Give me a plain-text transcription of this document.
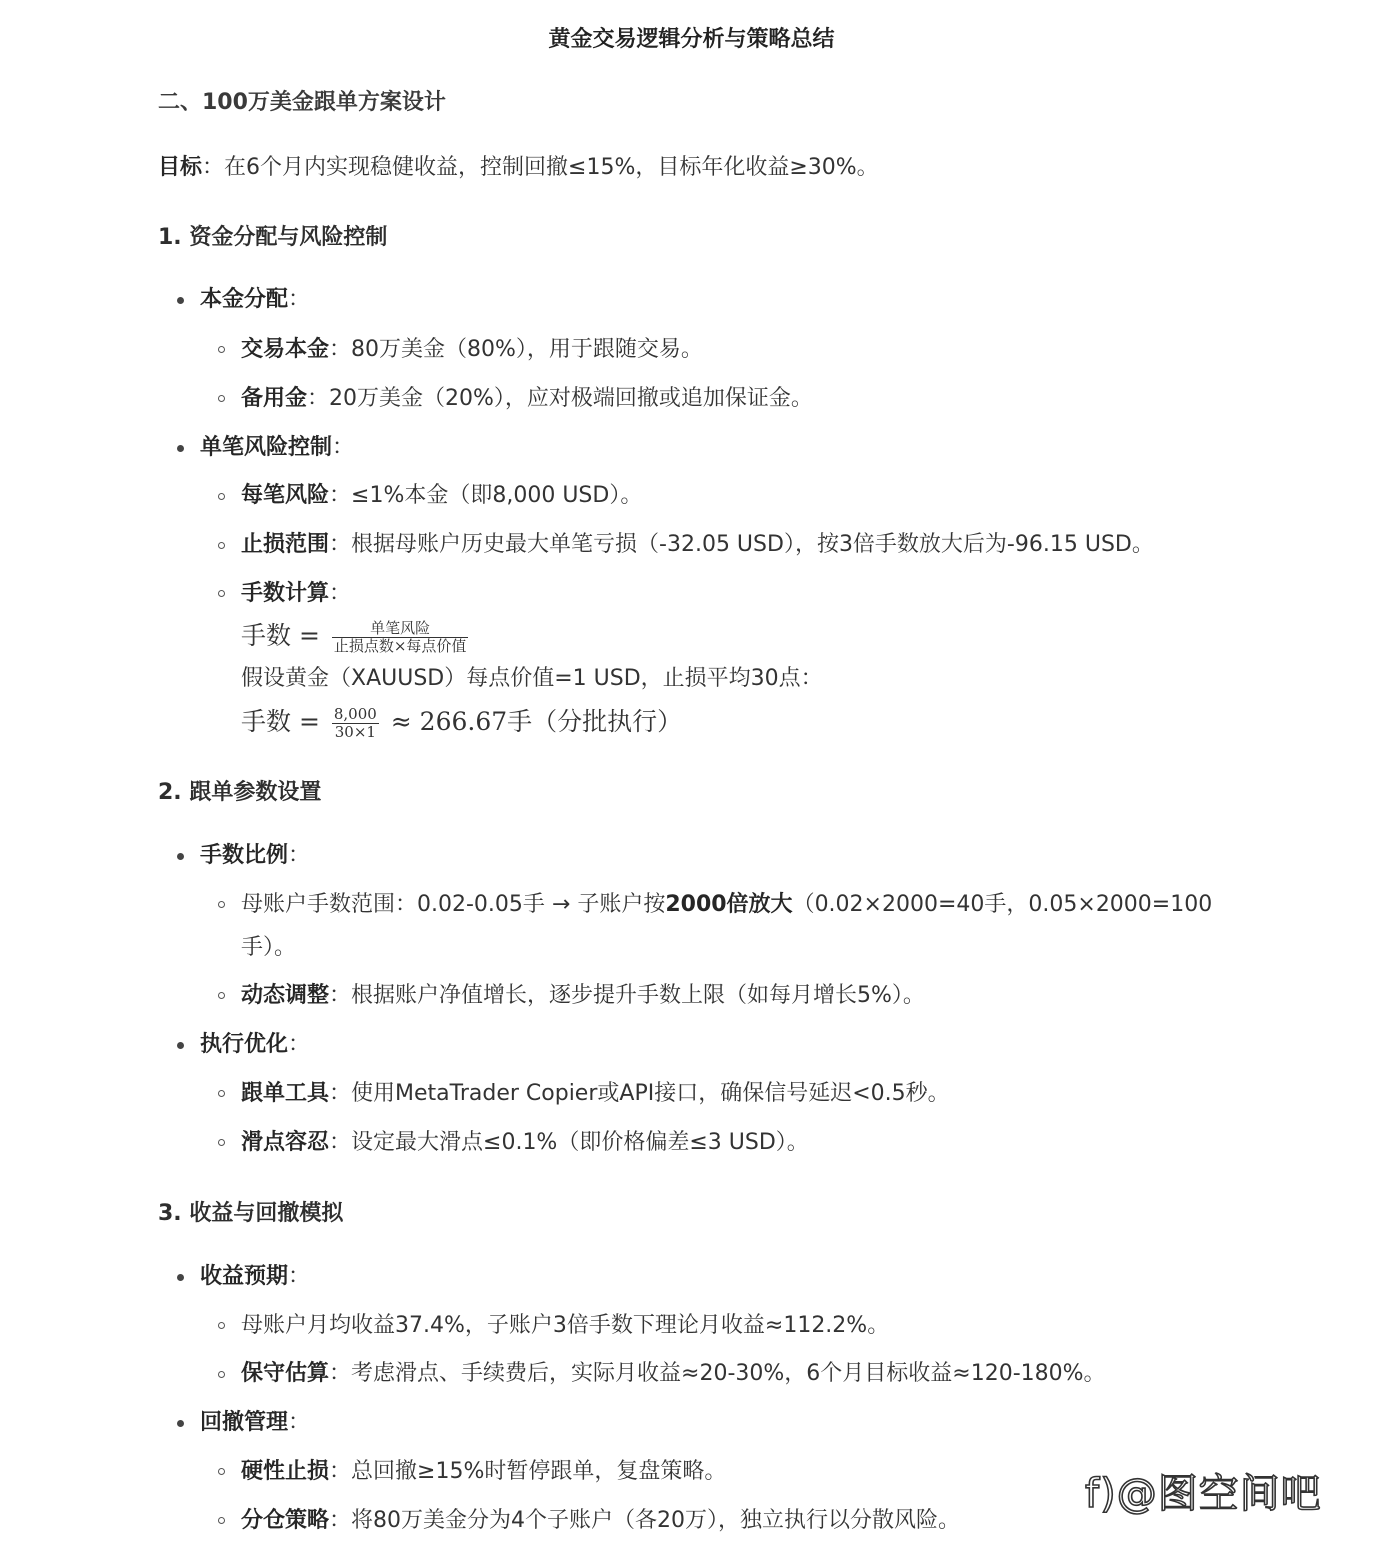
黄金交易逻辑分析与策略总结
二、100万美金跟单方案设计
目标：在6个月内实现稳健收益，控制回撤≤15%，目标年化收益≥30%。
1. 资金分配与风险控制
本金分配：
交易本金：80万美金（80%），用于跟随交易。
备用金：20万美金（20%），应对极端回撤或追加保证金。
单笔风险控制：
每笔风险：≤1%本金（即8,000 USD）。
止损范围：根据母账户历史最大单笔亏损（-32.05 USD），按3倍手数放大后为-96.15 USD。
手数计算：
手数 = $\frac{\text{单笔风险}}{\text{止损点数×每点价值}}$
假设黄金（XAUUSD）每点价值=1 USD，止损平均30点：
手数 = $\frac{8,000}{30\times 1} \approx 266.67$手（分批执行）
2. 跟单参数设置
手数比例：
母账户手数范围：0.02-0.05手 → 子账户按2000倍放大（0.02×2000=40手，0.05×2000=100
手）。
动态调整：根据账户净值增长，逐步提升手数上限（如每月增长5%）。
执行优化：
跟单工具：使用MetaTrader Copier或API接口，确保信号延迟<0.5秒。
滑点容忍：设定最大滑点≤0.1%（即价格偏差≤3 USD）。
3. 收益与回撤模拟
收益预期：
母账户月均收益37.4%，子账户3倍手数下理论月收益≈112.2%。
保守估算：考虑滑点、手续费后，实际月收益≈20-30%，6个月目标收益≈120-180%。
回撤管理：
硬性止损：总回撤≥15%时暂停跟单，复盘策略。
分仓策略：将80万美金分为4个子账户（各20万），独立执行以分散风险。
f)@图空间吧
